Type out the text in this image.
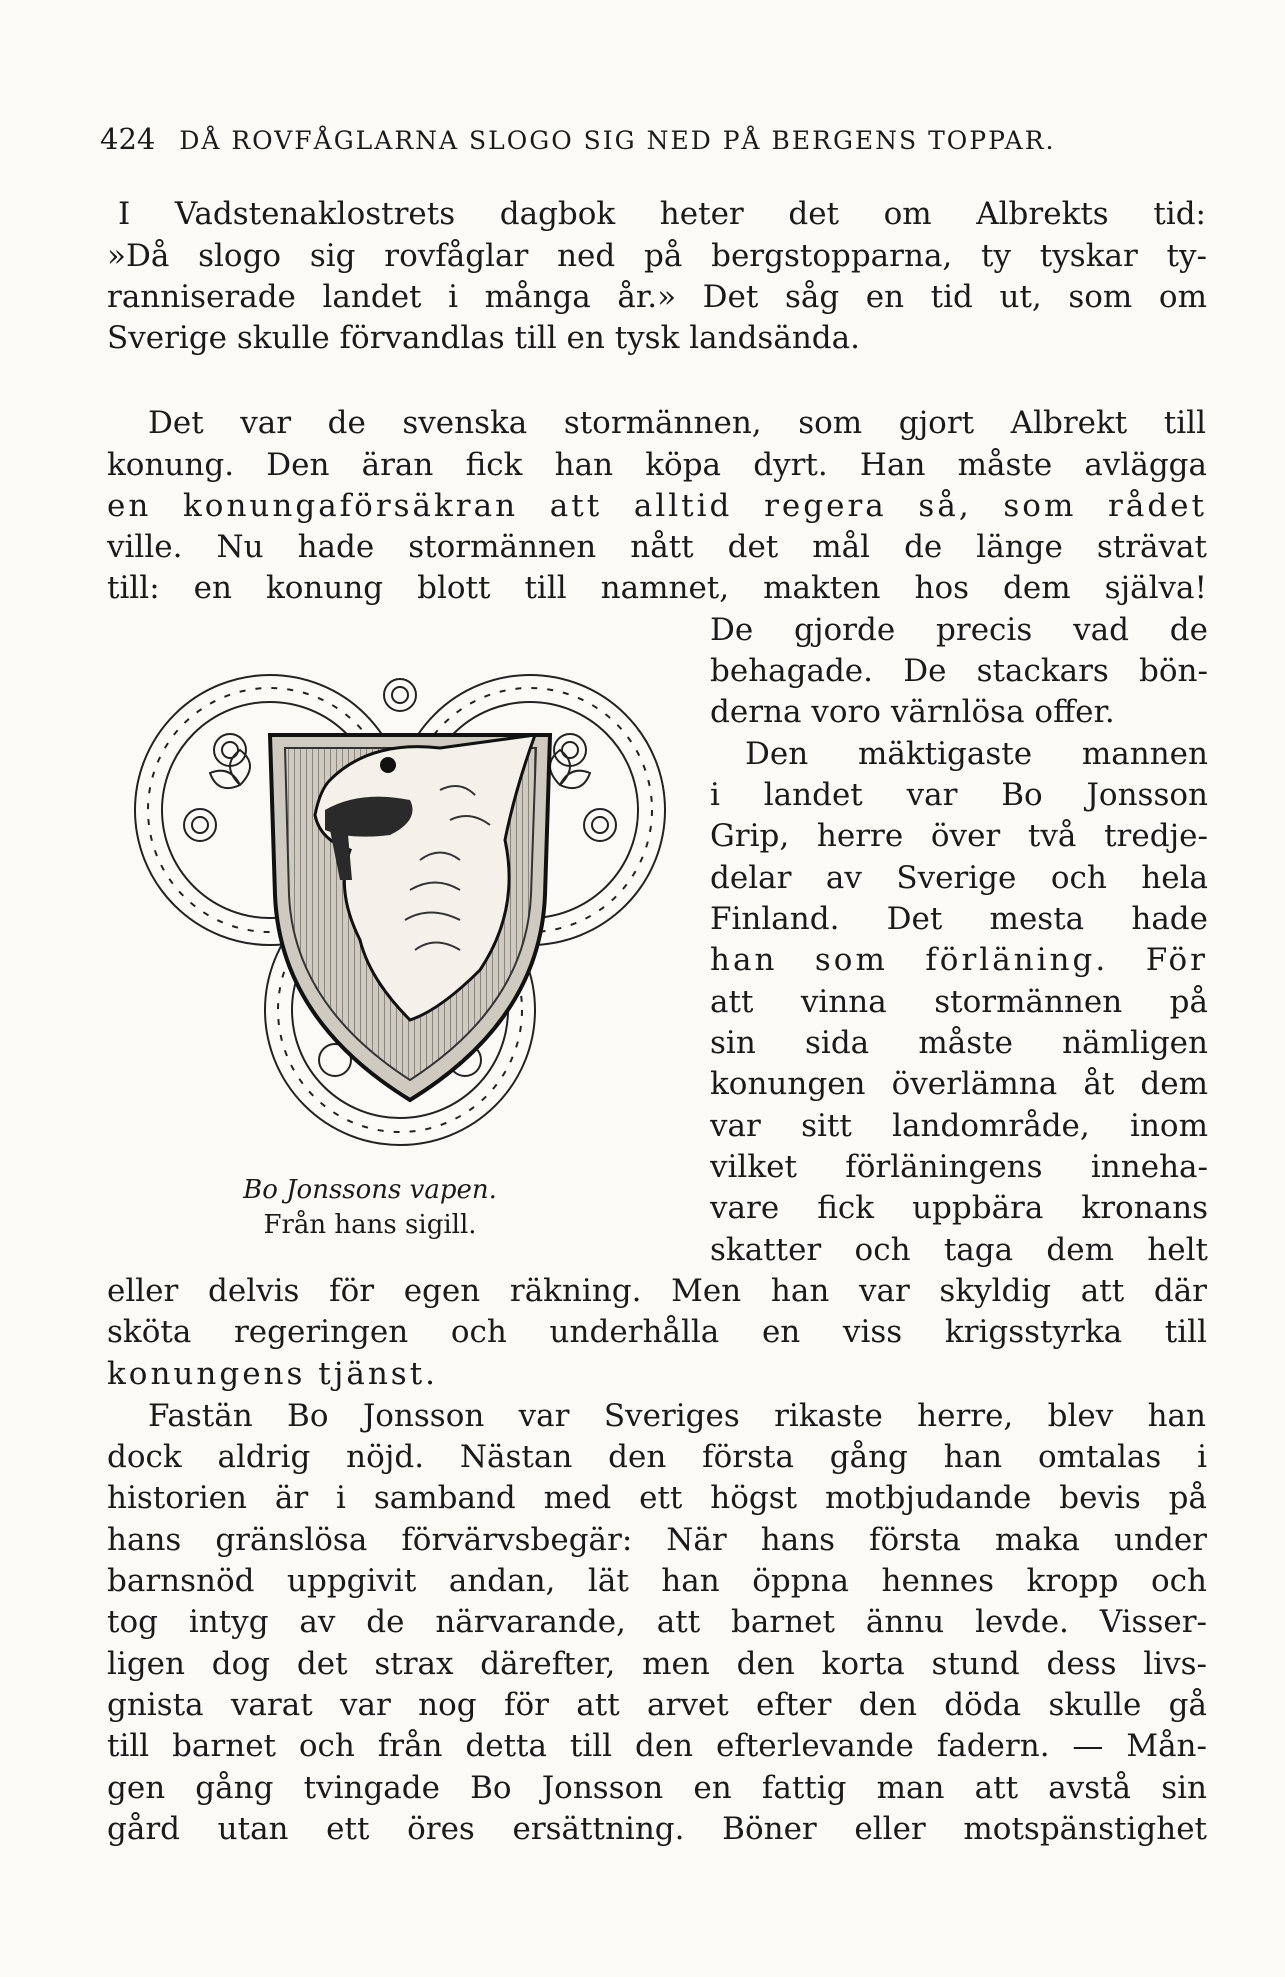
424 DÅ ROVFÅGLARNA SLOGO SIG NED PÅ BERGENS TOPPAR.
I Vadstenaklostrets dagbok heter det om Albrekts tid:
»Då slogo sig rovfåglar ned på bergstopparna, ty tyskar ty-
ranniserade landet i många år.» Det såg en tid ut, som om
Sverige skulle förvandlas till en tysk landsända.
Det var de svenska stormännen, som gjort Albrekt till
konung. Den äran fick han köpa dyrt. Han måste avlägga
en konungaförsäkran att alltid regera så, som rådet
ville. Nu hade stormännen nått det mål de länge strävat
till: en konung blott till namnet, makten hos dem själva!
De gjorde precis vad de
behagade. De stackars bön-
derna voro värnlösa offer.
Den mäktigaste mannen
i landet var Bo Jonsson
Grip, herre över två tredje-
delar av Sverige och hela
Finland. Det mesta hade
han som förläning. För
att vinna stormännen på
sin sida måste nämligen
konungen överlämna åt dem
var sitt landområde, inom
vilket förläningens inneha-
vare fick uppbära kronans
skatter och taga dem helt
eller delvis för egen räkning. Men han var skyldig att där
sköta regeringen och underhålla en viss krigsstyrka till
konungens tjänst.
Fastän Bo Jonsson var Sveriges rikaste herre, blev han
dock aldrig nöjd. Nästan den första gång han omtalas i
historien är i samband med ett högst motbjudande bevis på
hans gränslösa förvärvsbegär: När hans första maka under
barnsnöd uppgivit andan, lät han öppna hennes kropp och
tog intyg av de närvarande, att barnet ännu levde. Visser-
ligen dog det strax därefter, men den korta stund dess livs-
gnista varat var nog för att arvet efter den döda skulle gå
till barnet och från detta till den efterlevande fadern. — Mån-
gen gång tvingade Bo Jonsson en fattig man att avstå sin
gård utan ett öres ersättning. Böner eller motspänstighet
Bo Jonssons vapen.
Från hans sigill.
